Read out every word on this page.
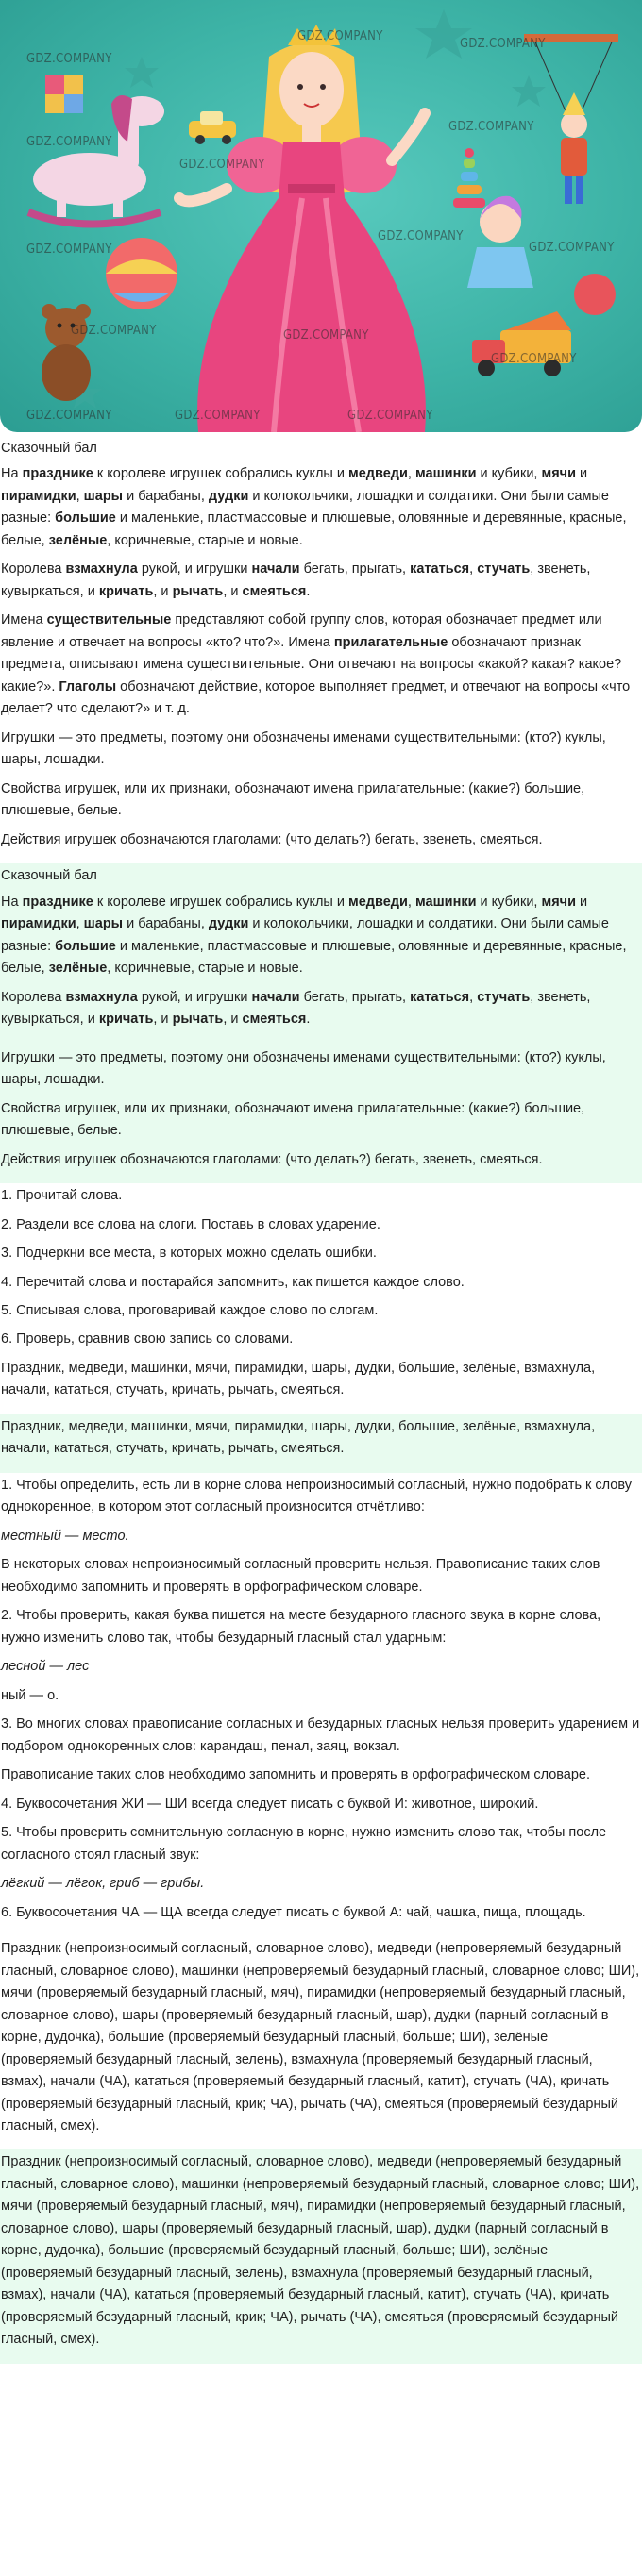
GDZ.COMPANY
GDZ.COMPANY
GDZ.COMPANY
GDZ.COMPANY
GDZ.COMPANY
GDZ.COMPANY
GDZ.COMPANY
GDZ.COMPANY
GDZ.COMPANY
GDZ.COMPANY	GDZ.COMPANY
GDZ.COMPANY
GDZ.COMPANY	GDZ.COMPANY	GDZ.COMPANY

Сказочный бал

На празднике к королеве игрушек собрались куклы и медведи, машинки и кубики, мячи и пирамидки, шары и барабаны, дудки и колокольчики, лошадки и солдатики. Они были самые разные: большие и маленькие, пластмассовые и плюшевые, оловянные и деревянные, красные, белые, зелёные, коричневые, старые и новые.

Королева взмахнула рукой, и игрушки начали бегать, прыгать, кататься, стучать, звенеть, кувыркаться, и кричать, и рычать, и смеяться.

Имена существительные представляют собой группу слов, которая обозначает предмет или явление и отвечает на вопросы «кто? что?». Имена прилагательные обозначают признак предмета, описывают имена существительные. Они отвечают на вопросы «какой? какая? какое? какие?». Глаголы обозначают действие, которое выполняет предмет, и отвечают на вопросы «что делает? что сделают?» и т. д.

Игрушки — это предметы, поэтому они обозначены именами существительными: (кто?) куклы, шары, лошадки.

Свойства игрушек, или их признаки, обозначают имена прилагательные: (какие?) большие, плюшевые, белые.

Действия игрушек обозначаются глаголами: (что делать?) бегать, звенеть, смеяться.

Сказочный бал

На празднике к королеве игрушек собрались куклы и медведи, машинки и кубики, мячи и пирамидки, шары и барабаны, дудки и колокольчики, лошадки и солдатики. Они были самые разные: большие и маленькие, пластмассовые и плюшевые, оловянные и деревянные, красные, белые, зелёные, коричневые, старые и новые.

Королева взмахнула рукой, и игрушки начали бегать, прыгать, кататься, стучать, звенеть, кувыркаться, и кричать, и рычать, и смеяться.

Игрушки — это предметы, поэтому они обозначены именами существительными: (кто?) куклы, шары, лошадки.

Свойства игрушек, или их признаки, обозначают имена прилагательные: (какие?) большие, плюшевые, белые.

Действия игрушек обозначаются глаголами: (что делать?) бегать, звенеть, смеяться.

1. Прочитай слова.

2. Раздели все слова на слоги. Поставь в словах ударение.

3. Подчеркни все места, в которых можно сделать ошибки.

4. Перечитай слова и постарайся запомнить, как пишется каждое слово.

5. Списывая слова, проговаривай каждое слово по слогам.

6. Проверь, сравнив свою запись со словами.

Праздник, медведи, машинки, мячи, пирамидки, шары, дудки, большие, зелёные, взмахнула, начали, кататься, стучать, кричать, рычать, смеяться.

Праздник, медведи, машинки, мячи, пирамидки, шары, дудки, большие, зелёные, взмахнула, начали, кататься, стучать, кричать, рычать, смеяться.

1. Чтобы определить, есть ли в корне слова непроизносимый согласный, нужно подобрать к слову однокоренное, в котором этот согласный произносится отчётливо:

местный — место.

В некоторых словах непроизносимый согласный проверить нельзя. Правописание таких слов необходимо запомнить и проверять в орфографическом словаре.

2. Чтобы проверить, какая буква пишется на месте безударного гласного звука в корне слова, нужно изменить слово так, чтобы безударный гласный стал ударным:

лесной — лес

ный — о.

3. Во многих словах правописание согласных и безударных гласных нельзя проверить ударением и подбором однокоренных слов: карандаш, пенал, заяц, вокзал.

Правописание таких слов необходимо запомнить и проверять в орфографическом словаре.

4. Буквосочетания ЖИ — ШИ всегда следует писать с буквой И: животное, широкий.

5. Чтобы проверить сомнительную согласную в корне, нужно изменить слово так, чтобы после согласного стоял гласный звук:

лёгкий — лёгок, гриб — грибы.

6. Буквосочетания ЧА — ЩА всегда следует писать с буквой А: чай, чашка, пища, площадь.

Праздник (непроизносимый согласный, словарное слово), медведи (непроверяемый безударный гласный, словарное слово), машинки (непроверяемый безударный гласный, словарное слово; ШИ), мячи (проверяемый безударный гласный, мяч), пирамидки (непроверяемый безударный гласный, словарное слово), шары (проверяемый безударный гласный, шар), дудки (парный согласный в корне, дудочка), большие (проверяемый безударный гласный, больше; ШИ), зелёные (проверяемый безударный гласный, зелень), взмахнула (проверяемый безударный гласный, взмах), начали (ЧА), кататься (проверяемый безударный гласный, катит), стучать (ЧА), кричать (проверяемый безударный гласный, крик; ЧА), рычать (ЧА), смеяться (проверяемый безударный гласный, смех).

Праздник (непроизносимый согласный, словарное слово), медведи (непроверяемый безударный гласный, словарное слово), машинки (непроверяемый безударный гласный, словарное слово; ШИ), мячи (проверяемый безударный гласный, мяч), пирамидки (непроверяемый безударный гласный, словарное слово), шары (проверяемый безударный гласный, шар), дудки (парный согласный в корне, дудочка), большие (проверяемый безударный гласный, больше; ШИ), зелёные (проверяемый безударный гласный, зелень), взмахнула (проверяемый безударный гласный, взмах), начали (ЧА), кататься (проверяемый безударный гласный, катит), стучать (ЧА), кричать (проверяемый безударный гласный, крик; ЧА), рычать (ЧА), смеяться (проверяемый безударный гласный, смех).
